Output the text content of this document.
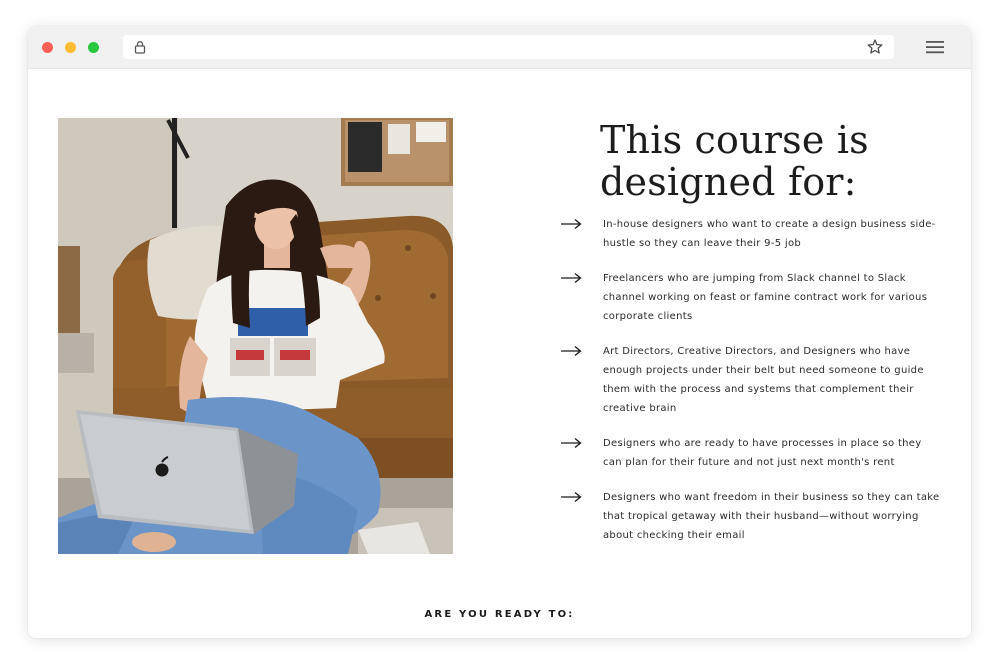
This course is
designed for:
In-house designers who want to create a design business side-hustle so they can leave their 9-5 job
Freelancers who are jumping from Slack channel to Slack channel working on feast or famine contract work for various corporate clients
Art Directors, Creative Directors, and Designers who have enough projects under their belt but need someone to guide them with the process and systems that complement their creative brain
Designers who are ready to have processes in place so they can plan for their future and not just next month's rent
Designers who want freedom in their business so they can take that tropical getaway with their husband—without worrying about checking their email
ARE YOU READY TO:
